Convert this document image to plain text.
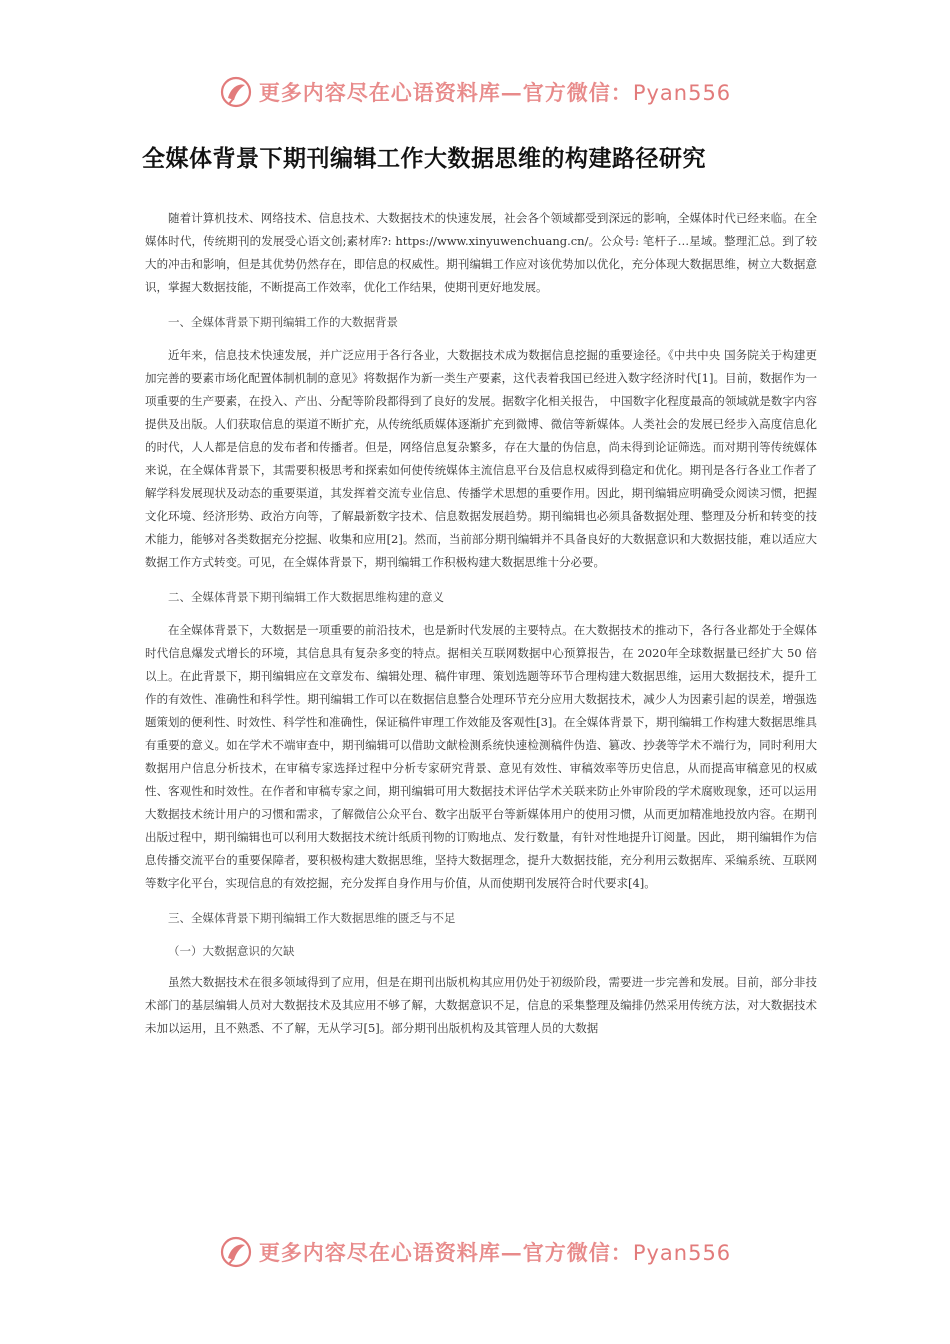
更多内容尽在心语资料库—官方微信：Pyan556
全媒体背景下期刊编辑工作大数据思维的构建路径研究

随着计算机技术、网络技术、信息技术、大数据技术的快速发展，社会各个领域都受到深远的影响，全媒体时代已经来临。在全媒体时代，传统期刊的发展受心语文创;素材库?: https://www.xinyuwenchuang.cn/。公众号: 笔杆子…星域。整理汇总。到了较大的冲击和影响，但是其优势仍然存在，即信息的权威性。期刊编辑工作应对该优势加以优化，充分体现大数据思维，树立大数据意识，掌握大数据技能，不断提高工作效率，优化工作结果，使期刊更好地发展。

一、全媒体背景下期刊编辑工作的大数据背景

近年来，信息技术快速发展，并广泛应用于各行各业，大数据技术成为数据信息挖掘的重要途径。《中共中央 国务院关于构建更加完善的要素市场化配置体制机制的意见》将数据作为新一类生产要素，这代表着我国已经进入数字经济时代[1]。目前，数据作为一项重要的生产要素，在投入、产出、分配等阶段都得到了良好的发展。据数字化相关报告， 中国数字化程度最高的领域就是数字内容提供及出版。人们获取信息的渠道不断扩充，从传统纸质媒体逐渐扩充到微博、微信等新媒体。人类社会的发展已经步入高度信息化的时代，人人都是信息的发布者和传播者。但是，网络信息复杂繁多，存在大量的伪信息，尚未得到论证筛选。而对期刊等传统媒体来说，在全媒体背景下，其需要积极思考和探索如何使传统媒体主流信息平台及信息权威得到稳定和优化。期刊是各行各业工作者了解学科发展现状及动态的重要渠道，其发挥着交流专业信息、传播学术思想的重要作用。因此，期刊编辑应明确受众阅读习惯，把握文化环境、经济形势、政治方向等，了解最新数字技术、信息数据发展趋势。期刊编辑也必须具备数据处理、整理及分析和转变的技术能力，能够对各类数据充分挖掘、收集和应用[2]。然而，当前部分期刊编辑并不具备良好的大数据意识和大数据技能，难以适应大数据工作方式转变。可见，在全媒体背景下，期刊编辑工作积极构建大数据思维十分必要。

二、全媒体背景下期刊编辑工作大数据思维构建的意义

在全媒体背景下，大数据是一项重要的前沿技术，也是新时代发展的主要特点。在大数据技术的推动下，各行各业都处于全媒体时代信息爆发式增长的环境，其信息具有复杂多变的特点。据相关互联网数据中心预算报告，在 2020年全球数据量已经扩大 50 倍以上。在此背景下，期刊编辑应在文章发布、编辑处理、稿件审理、策划选题等环节合理构建大数据思维，运用大数据技术，提升工作的有效性、准确性和科学性。期刊编辑工作可以在数据信息整合处理环节充分应用大数据技术，减少人为因素引起的误差，增强选题策划的便利性、时效性、科学性和准确性，保证稿件审理工作效能及客观性[3]。在全媒体背景下，期刊编辑工作构建大数据思维具有重要的意义。如在学术不端审查中，期刊编辑可以借助文献检测系统快速检测稿件伪造、篡改、抄袭等学术不端行为，同时利用大数据用户信息分析技术，在审稿专家选择过程中分析专家研究背景、意见有效性、审稿效率等历史信息，从而提高审稿意见的权威性、客观性和时效性。在作者和审稿专家之间，期刊编辑可用大数据技术评估学术关联来防止外审阶段的学术腐败现象，还可以运用大数据技术统计用户的习惯和需求，了解微信公众平台、数字出版平台等新媒体用户的使用习惯，从而更加精准地投放内容。在期刊出版过程中，期刊编辑也可以利用大数据技术统计纸质刊物的订购地点、发行数量，有针对性地提升订阅量。因此， 期刊编辑作为信息传播交流平台的重要保障者，要积极构建大数据思维，坚持大数据理念，提升大数据技能，充分利用云数据库、采编系统、互联网等数字化平台，实现信息的有效挖掘，充分发挥自身作用与价值，从而使期刊发展符合时代要求[4]。

三、全媒体背景下期刊编辑工作大数据思维的匮乏与不足

（一）大数据意识的欠缺

虽然大数据技术在很多领域得到了应用，但是在期刊出版机构其应用仍处于初级阶段，需要进一步完善和发展。目前，部分非技术部门的基层编辑人员对大数据技术及其应用不够了解，大数据意识不足，信息的采集整理及编排仍然采用传统方法，对大数据技术未加以运用，且不熟悉、不了解，无从学习[5]。部分期刊出版机构及其管理人员的大数据

更多内容尽在心语资料库—官方微信：Pyan556
